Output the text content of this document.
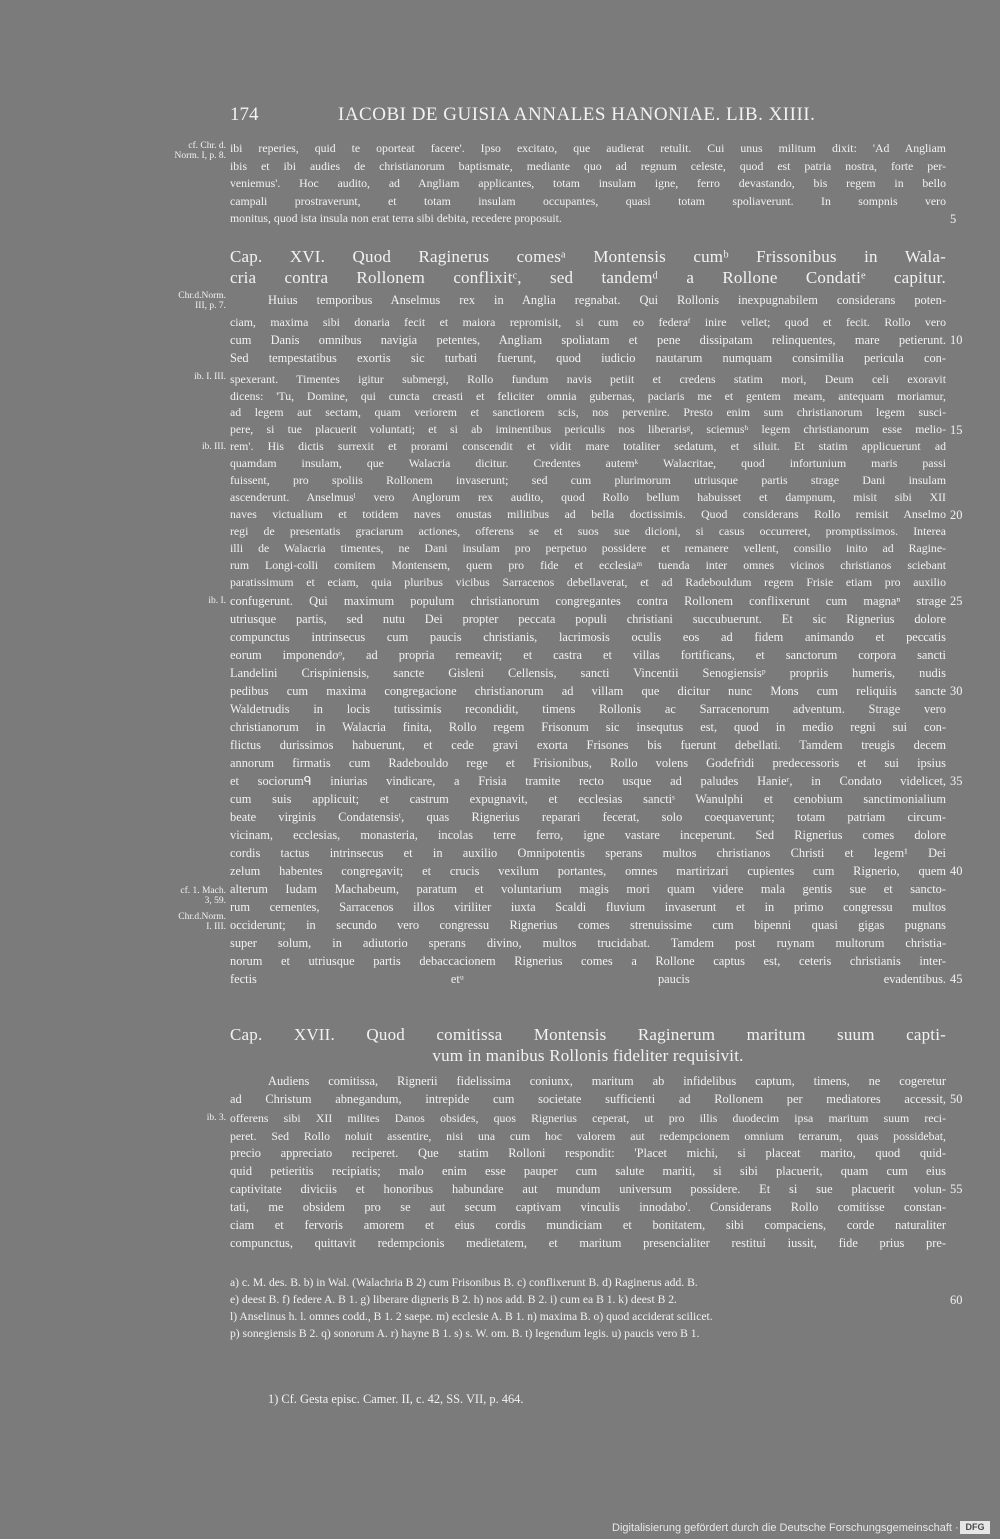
174	IACOBI DE GUISIA ANNALES HANONIAE. LIB. XIIII.
cf. Chr. d.
Norm. I, p. 8.
Chr.d.Norm.
III, p. 7.
ib. I. III.
ib. III.
ib. I.
cf. 1. Mach.
3, 59.
Chr.d.Norm.
I. III.
ib. 3.

ibi reperies, quid te oporteat facere'. Ipso excitato, que audierat retulit. Cui unus militum dixit: 'Ad Angliam

ibis et ibi audies de christianorum baptismate, mediante quo ad regnum celeste, quod est patria nostra, forte per-

veniemus'. Hoc audito, ad Angliam applicantes, totam insulam igne, ferro devastando, bis regem in bello

campali prostraverunt, et totam insulam occupantes, quasi totam spoliaverunt. In sompnis vero

monitus, quod ista insula non erat terra sibi debita, recedere proposuit.

Cap. XVI. Quod Raginerus comesᵃ Montensis cumᵇ Frissonibus in Wala-

cria contra Rollonem conflixitᶜ, sed tandemᵈ a Rollone Condatiᵉ capitur.

Huius temporibus Anselmus rex in Anglia regnabat. Qui Rollonis inexpugnabilem considerans poten-

ciam, maxima sibi donaria fecit et maiora repromisit, si cum eo federaᶠ inire vellet; quod et fecit. Rollo vero

cum Danis omnibus navigia petentes, Angliam spoliatam et pene dissipatam relinquentes, mare petierunt.

Sed tempestatibus exortis sic turbati fuerunt, quod iudicio nautarum numquam consimilia pericula con-

spexerant. Timentes igitur submergi, Rollo fundum navis petiit et credens statim mori, Deum celi exoravit

dicens: 'Tu, Domine, qui cuncta creasti et feliciter omnia gubernas, paciaris me et gentem meam, antequam moriamur,

ad legem aut sectam, quam veriorem et sanctiorem scis, nos pervenire. Presto enim sum christianorum legem susci-

pere, si tue placuerit voluntati; et si ab iminentibus periculis nos liberarisᵍ, sciemusʰ legem christianorum esse melio-

rem'. His dictis surrexit et prorami conscendit et vidit mare totaliter sedatum, et siluit. Et statim applicuerunt ad

quamdam insulam, que Walacria dicitur. Credentes autemᵏ Walacritae, quod infortunium maris passi

fuissent, pro spoliis Rollonem invaserunt; sed cum plurimorum utriusque partis strage Dani insulam

ascenderunt. Anselmusˡ vero Anglorum rex audito, quod Rollo bellum habuisset et dampnum, misit sibi XII

naves victualium et totidem naves onustas militibus ad bella doctissimis. Quod considerans Rollo remisit Anselmo

regi de presentatis graciarum actiones, offerens se et suos sue dicioni, si casus occurreret, promptissimos. Interea

illi de Walacria timentes, ne Dani insulam pro perpetuo possidere et remanere vellent, consilio inito ad Ragine-

rum Longi-colli comitem Montensem, quem pro fide et ecclesiaᵐ tuenda inter omnes vicinos christianos sciebant

paratissimum et eciam, quia pluribus vicibus Sarracenos debellaverat, et ad Radebouldum regem Frisie etiam pro auxilio

confugerunt. Qui maximum populum christianorum congregantes contra Rollonem conflixerunt cum magnaⁿ strage

utriusque partis, sed nutu Dei propter peccata populi christiani succubuerunt. Et sic Rignerius dolore

compunctus intrinsecus cum paucis christianis, lacrimosis oculis eos ad fidem animando et peccatis

eorum imponendoᵒ, ad propria remeavit; et castra et villas fortificans, et sanctorum corpora sancti

Landelini Crispiniensis, sancte Gisleni Cellensis, sancti Vincentii Senogiensisᵖ propriis humeris, nudis

pedibus cum maxima congregacione christianorum ad villam que dicitur nunc Mons cum reliquiis sancte

Waldetrudis in locis tutissimis recondidit, timens Rollonis ac Sarracenorum adventum. Strage vero

christianorum in Walacria finita, Rollo regem Frisonum sic insequtus est, quod in medio regni sui con-

flictus durissimos habuerunt, et cede gravi exorta Frisones bis fuerunt debellati. Tamdem treugis decem

annorum firmatis cum Radebouldo rege et Frisionibus, Rollo volens Godefridi predecessoris et sui ipsius

et sociorumᑫ iniurias vindicare, a Frisia tramite recto usque ad paludes Hanieʳ, in Condato videlicet,

cum suis applicuit; et castrum expugnavit, et ecclesias sanctiˢ Wanulphi et cenobium sanctimonialium

beate virginis Condatensisᵗ, quas Rignerius reparari fecerat, solo coequaverunt; totam patriam circum-

vicinam, ecclesias, monasteria, incolas terre ferro, igne vastare inceperunt. Sed Rignerius comes dolore

cordis tactus intrinsecus et in auxilio Omnipotentis sperans multos christianos Christi et legem¹ Dei

zelum habentes congregavit; et crucis vexilum portantes, omnes martirizari cupientes cum Rignerio, quem

alterum Iudam Machabeum, paratum et voluntarium magis mori quam videre mala gentis sue et sancto-

rum cernentes, Sarracenos illos viriliter iuxta Scaldi fluvium invaserunt et in primo congressu multos

occiderunt; in secundo vero congressu Rignerius comes strenuissime cum bipenni quasi gigas pugnans

super solum, in adiutorio sperans divino, multos trucidabat. Tamdem post ruynam multorum christia-

norum et utriusque partis debaccacionem Rignerius comes a Rollone captus est, ceteris christianis inter-

fectis etᵘ paucis evadentibus.

Cap. XVII. Quod comitissa Montensis Raginerum maritum suum capti-

vum in manibus Rollonis fideliter requisivit.

Audiens comitissa, Rignerii fidelissima coniunx, maritum ab infidelibus captum, timens, ne cogeretur

ad Christum abnegandum, intrepide cum societate sufficienti ad Rollonem per mediatores accessit,

offerens sibi XII milites Danos obsides, quos Rignerius ceperat, ut pro illis duodecim ipsa maritum suum reci-

peret. Sed Rollo noluit assentire, nisi una cum hoc valorem aut redempcionem omnium terrarum, quas possidebat,

precio appreciato reciperet. Que statim Rolloni respondit: 'Placet michi, si placeat marito, quod quid-

quid petieritis recipiatis; malo enim esse pauper cum salute mariti, si sibi placuerit, quam cum eius

captivitate diviciis et honoribus habundare aut mundum universum possidere. Et si sue placuerit volun-

tati, me obsidem pro se aut secum captivam vinculis innodabo'. Considerans Rollo comitisse constan-

ciam et fervoris amorem et eius cordis mundiciam et bonitatem, sibi compaciens, corde naturaliter

compunctus, quittavit redempcionis medietatem, et maritum presencialiter restitui iussit, fide prius pre-

5
10
15
20
25
30
35
40
45
50
55
60
a) c. M. des. B. b) in Wal. (Walachria B 2) cum Frisonibus B. c) conflixerunt B. d) Raginerus add. B.
e) deest B. f) federe A. B 1. g) liberare digneris B 2. h) nos add. B 2. i) cum ea B 1. k) deest B 2.
l) Anselinus h. l. omnes codd., B 1. 2 saepe. m) ecclesie A. B 1. n) maxima B. o) quod acciderat scilicet.
p) sonegiensis B 2. q) sonorum A. r) hayne B 1. s) s. W. om. B. t) legendum legis. u) paucis vero B 1.
1) Cf. Gesta episc. Camer. II, c. 42, SS. VII, p. 464.
Digitalisierung gefördert durch die Deutsche Forschungsgemeinschaft · DFG
